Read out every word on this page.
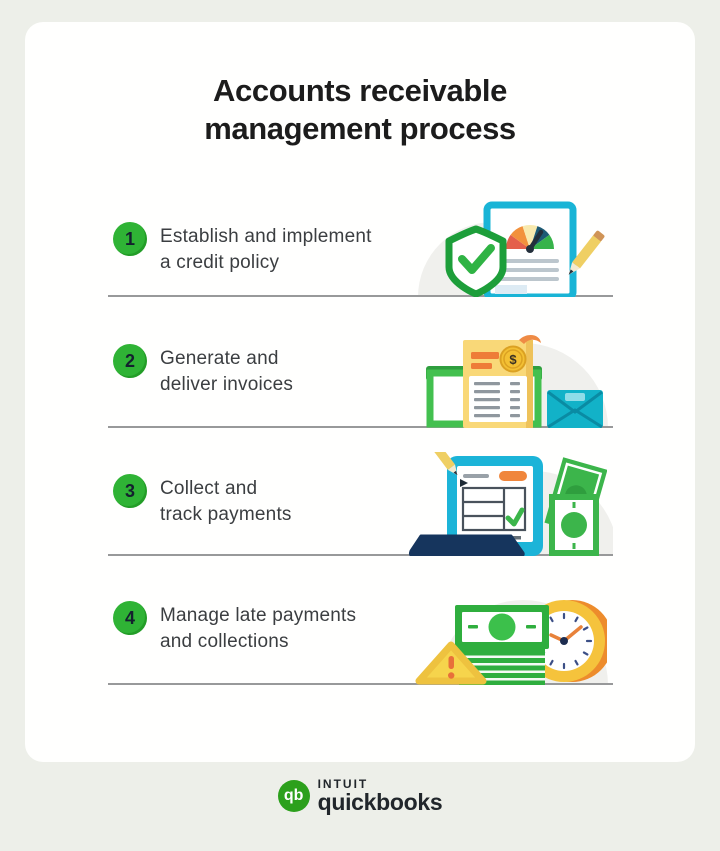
Accounts receivable
management process
1 Establish and implement
a credit policy
$
2 Generate and
deliver invoices
3 Collect and
track payments
4 Manage late payments
and collections
qb
INTUIT
quickbooks
